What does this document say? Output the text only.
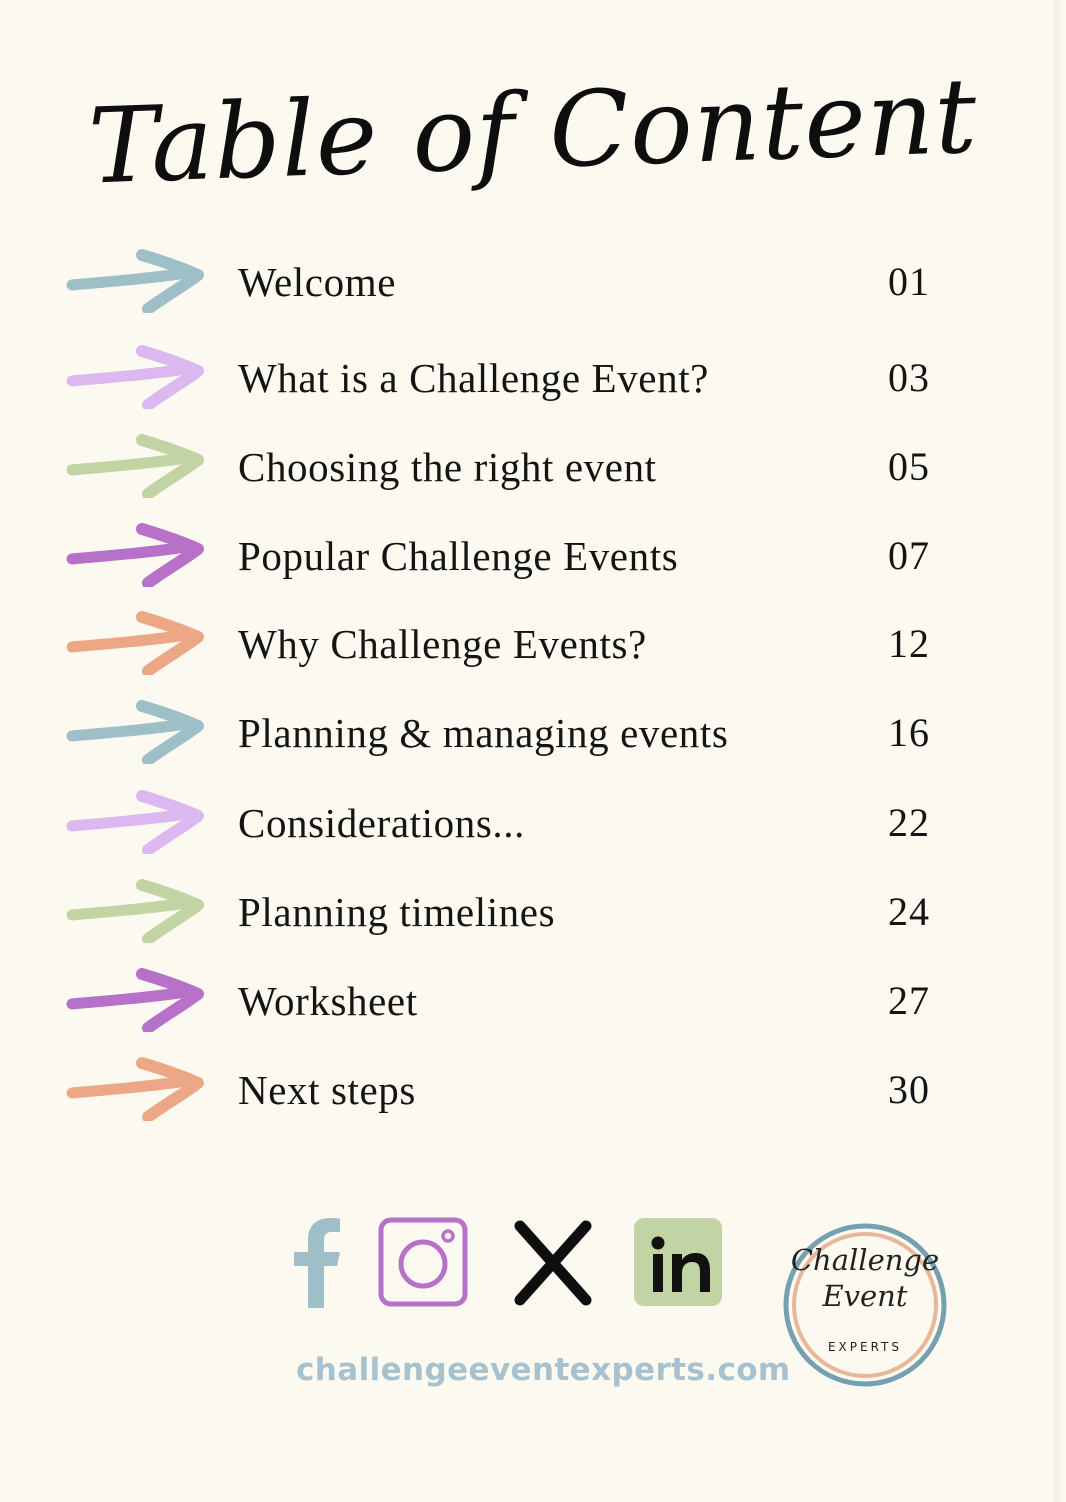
Table of Content
Welcome	01
What is a Challenge Event?	03
Choosing the right event	05
Popular Challenge Events	07
Why Challenge Events?	12
Planning & managing events	16
Considerations...	22
Planning timelines	24
Worksheet	27
Next steps	30
challengeeventexperts.com
Challenge
Event
EXPERTS
